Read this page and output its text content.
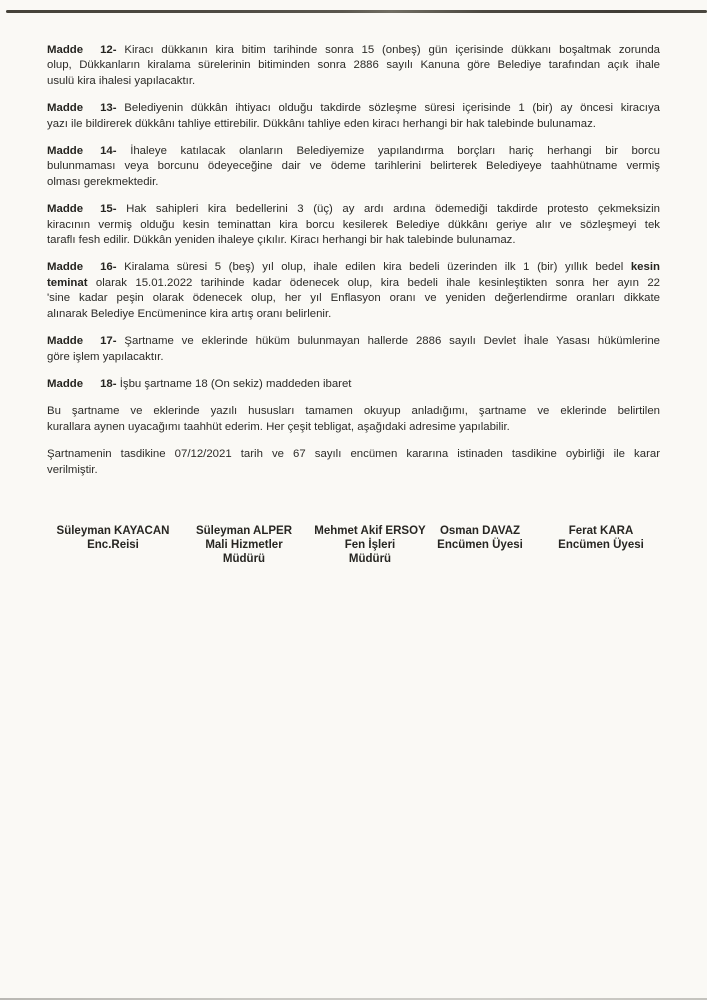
Madde 12- Kiracı dükkanın kira bitim tarihinde sonra 15 (onbeş) gün içerisinde dükkanı boşaltmak zorunda
olup, Dükkanların kiralama sürelerinin bitiminden sonra 2886 sayılı Kanuna göre Belediye tarafından açık ihale
usulü kira ihalesi yapılacaktır.
Madde 13- Belediyenin dükkân ihtiyacı olduğu takdirde sözleşme süresi içerisinde 1 (bir) ay öncesi kiracıya
yazı ile bildirerek dükkânı tahliye ettirebilir. Dükkânı tahliye eden kiracı herhangi bir hak talebinde bulunamaz.
Madde 14- İhaleye katılacak olanların Belediyemize yapılandırma borçları hariç herhangi bir borcu
bulunmaması veya borcunu ödeyeceğine dair ve ödeme tarihlerini belirterek Belediyeye taahhütname vermiş
olması gerekmektedir.
Madde 15- Hak sahipleri kira bedellerini 3 (üç) ay ardı ardına ödemediği takdirde protesto çekmeksizin
kiracının vermiş olduğu kesin teminattan kira borcu kesilerek Belediye dükkânı geriye alır ve sözleşmeyi tek
taraflı fesh edilir. Dükkân yeniden ihaleye çıkılır. Kiracı herhangi bir hak talebinde bulunamaz.
Madde 16- Kiralama süresi 5 (beş) yıl olup, ihale edilen kira bedeli üzerinden ilk 1 (bir) yıllık bedel kesin
teminat olarak 15.01.2022 tarihinde kadar ödenecek olup, kira bedeli ihale kesinleştikten sonra her ayın 22
'sine kadar peşin olarak ödenecek olup, her yıl Enflasyon oranı ve yeniden değerlendirme oranları dikkate
alınarak Belediye Encümenince kira artış oranı belirlenir.
Madde 17- Şartname ve eklerinde hüküm bulunmayan hallerde 2886 sayılı Devlet İhale Yasası hükümlerine
göre işlem yapılacaktır.
Madde 18- İşbu şartname 18 (On sekiz) maddeden ibaret
Bu şartname ve eklerinde yazılı hususları tamamen okuyup anladığımı, şartname ve eklerinde belirtilen
kurallara aynen uyacağımı taahhüt ederim. Her çeşit tebligat, aşağıdaki adresime yapılabilir.
Şartnamenin tasdikine 07/12/2021 tarih ve 67 sayılı encümen kararına istinaden tasdikine oybirliği ile karar
verilmiştir.
Süleyman KAYACAN
Enc.Reisi
Süleyman ALPER
Mali Hizmetler
Müdürü
Mehmet Akif ERSOY
Fen İşleri
Müdürü
Osman DAVAZ
Encümen Üyesi
Ferat KARA
Encümen Üyesi
